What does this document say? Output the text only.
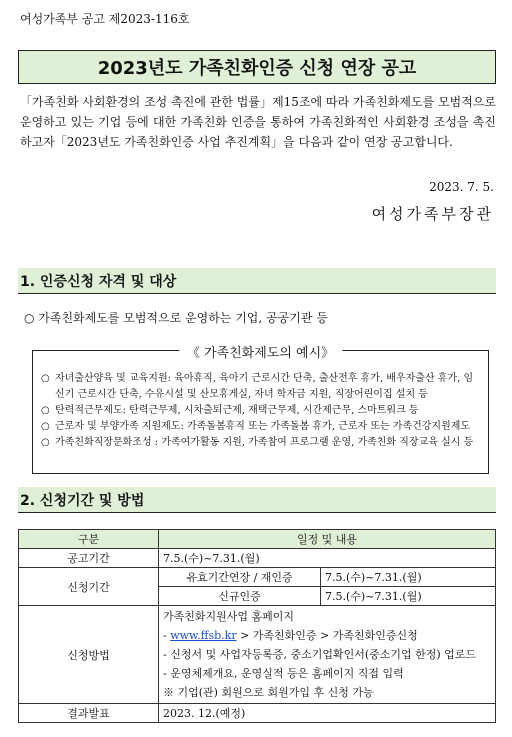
여성가족부 공고 제2023-116호
2023년도 가족친화인증 신청 연장 공고
「가족친화 사회환경의 조성 촉진에 관한 법률」제15조에 따라 가족친화제도를 모범적으로 운영하고 있는 기업 등에 대한 가족친화 인증을 통하여 가족친화적인 사회환경 조성을 촉진하고자「2023년도 가족친화인증 사업 추진계획」을 다음과 같이 연장 공고합니다.
2023. 7. 5.
여성가족부장관
1. 인증신청 자격 및 대상
○ 가족친화제도를 모범적으로 운영하는 기업, 공공기관 등
《 가족친화제도의 예시》
○ 자녀출산양육 및 교육지원: 육아휴직, 육아기 근로시간 단축, 출산전후 휴가, 배우자출산 휴가, 임신기 근로시간 단축, 수유시설 및 산모휴게실, 자녀 학자금 지원, 직장어린이집 설치 등
○ 탄력적근무제도: 탄력근무제, 시차출퇴근제, 재택근무제, 시간제근무, 스마트워크 등
○ 근로자 및 부양가족 지원제도: 가족돌봄휴직 또는 가족돌봄 휴가, 근로자 또는 가족건강지원제도
○ 가족친화직장문화조성 : 가족여가활동 지원, 가족참여 프로그램 운영, 가족친화 직장교육 실시 등
2. 신청기간 및 방법
구분	일정 및 내용	
공고기간	7.5.(수)~7.31.(월)	
신청기간	유효기간연장 / 재인증	7.5.(수)~7.31.(월)
	신규인증	7.5.(수)~7.31.(월)
신청방법	가족친화지원사업 홈페이지
- www.ffsb.kr > 가족친화인증 > 가족친화인증신청
- 신청서 및 사업자등록증, 중소기업확인서(중소기업 한정) 업로드
- 운영체제개요, 운영실적 등은 홈페이지 직접 입력
※ 기업(관) 회원으로 회원가입 후 신청 가능	

결과발표	2023. 12.(예정)	
